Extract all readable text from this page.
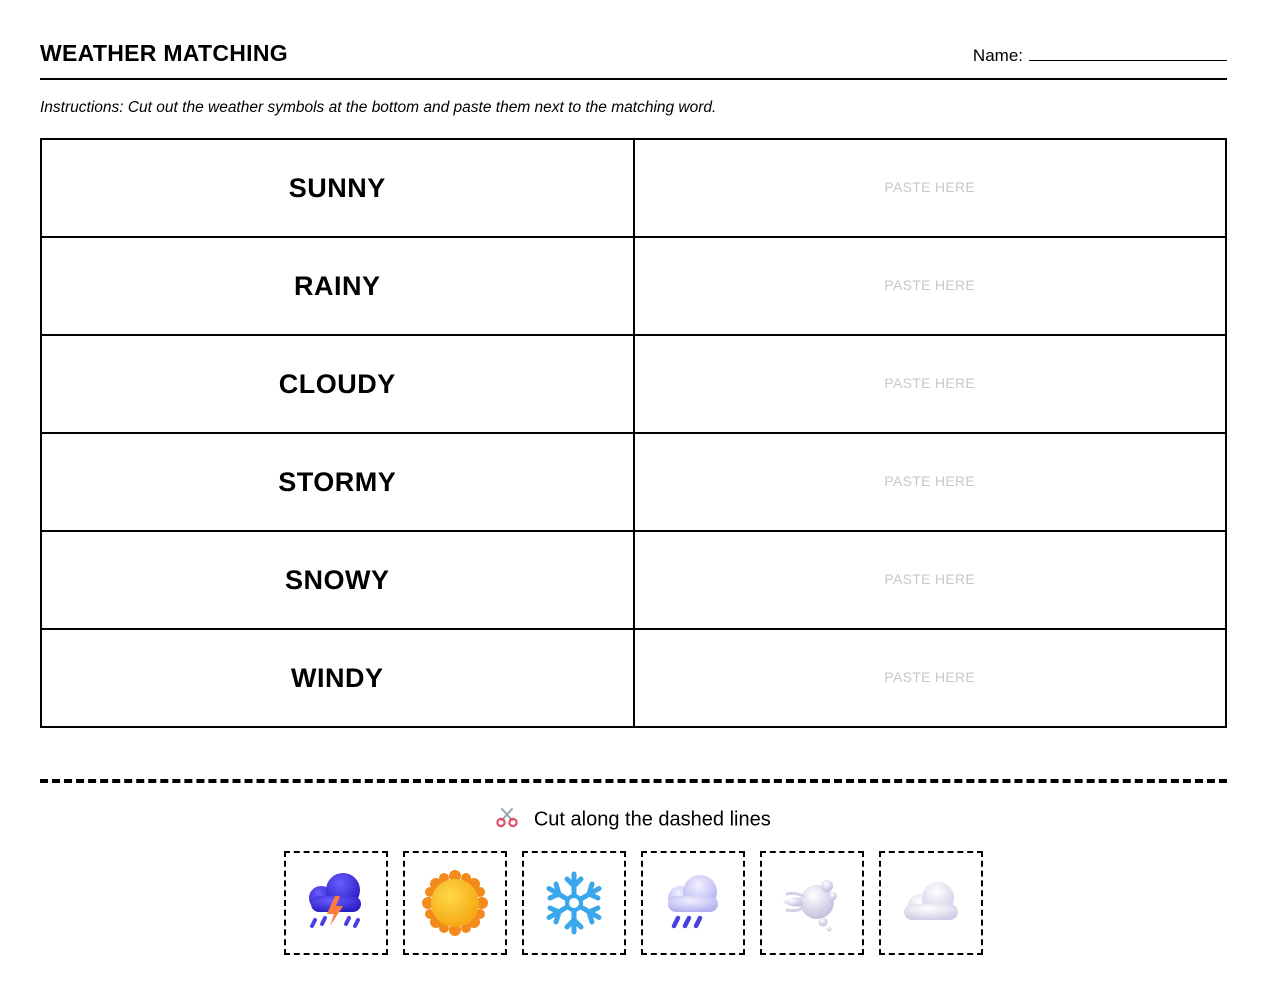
WEATHER MATCHING	Name:
Instructions: Cut out the weather symbols at the bottom and paste them next to the matching word.
SUNNY	PASTE HERE
RAINY	PASTE HERE
CLOUDY	PASTE HERE
STORMY	PASTE HERE
SNOWY	PASTE HERE
WINDY	PASTE HERE
Cut along the dashed lines
